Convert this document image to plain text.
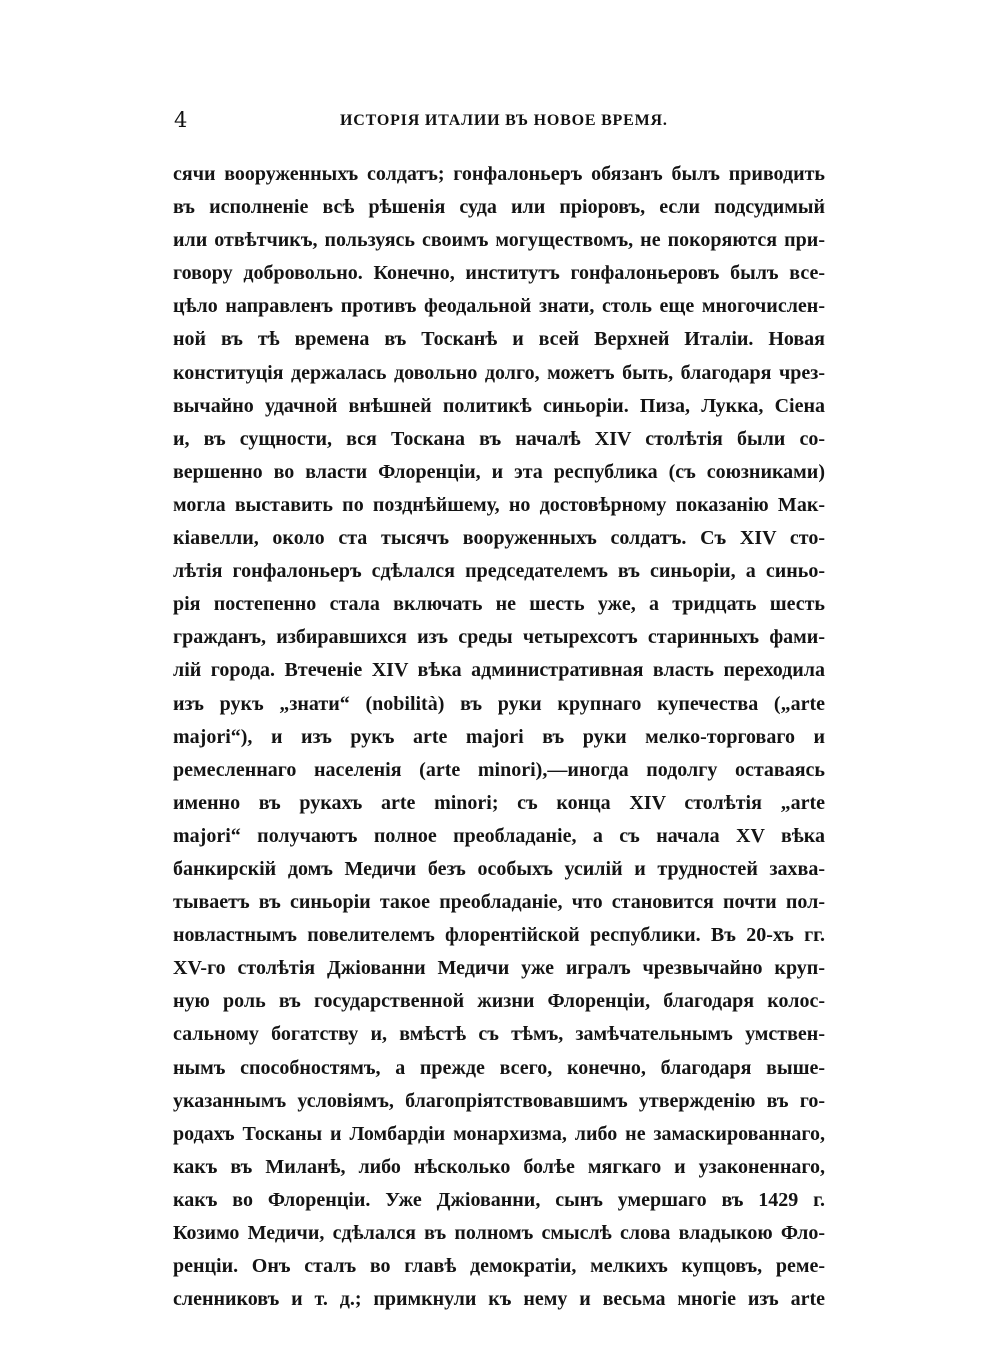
4	ИСТОРІЯ ИТАЛИИ ВЪ НОВОЕ ВРЕМЯ.
сячи вооруженныхъ солдатъ; гонфалоньеръ обязанъ былъ приводить
въ исполненіе всѣ рѣшенія суда или пріоровъ, если подсудимый
или отвѣтчикъ, пользуясь своимъ могуществомъ, не покоряются при-
говору добровольно. Конечно, институтъ гонфалоньеровъ былъ все-
цѣло направленъ противъ феодальной знати, столь еще многочислен-
ной въ тѣ времена въ Тосканѣ и всей Верхней Италіи. Новая
конституція держалась довольно долго, можетъ быть, благодаря чрез-
вычайно удачной внѣшней политикѣ синьоріи. Пиза, Лукка, Сіена
и, въ сущности, вся Тоскана въ началѣ XIV столѣтія были со-
вершенно во власти Флоренціи, и эта республика (съ союзниками)
могла выставить по позднѣйшему, но достовѣрному показанію Мак-
кіавелли, около ста тысячъ вооруженныхъ солдатъ. Съ XIV сто-
лѣтія гонфалоньеръ сдѣлался председателемъ въ синьоріи, а синьо-
рія постепенно стала включать не шесть уже, а тридцать шесть
гражданъ, избиравшихся изъ среды четырехсотъ старинныхъ фами-
лій города. Втеченіе XIV вѣка административная власть переходила
изъ рукъ „знати“ (nobilità) въ руки крупнаго купечества („arte
majori“), и изъ рукъ arte majori въ руки мелко-торговаго и
ремесленнаго населенія (arte minori),—иногда подолгу оставаясь
именно въ рукахъ arte minori; съ конца XIV столѣтія „arte
majori“ получаютъ полное преобладаніе, а съ начала XV вѣка
банкирскій домъ Медичи безъ особыхъ усилій и трудностей захва-
тываетъ въ синьоріи такое преобладаніе, что становится почти пол-
новластнымъ повелителемъ флорентійской республики. Въ 20-хъ гг.
XV-го столѣтія Джіованни Медичи уже игралъ чрезвычайно круп-
ную роль въ государственной жизни Флоренціи, благодаря колос-
сальному богатству и, вмѣстѣ съ тѣмъ, замѣчательнымъ умствен-
нымъ способностямъ, а прежде всего, конечно, благодаря выше-
указаннымъ условіямъ, благопріятствовавшимъ утвержденію въ го-
родахъ Тосканы и Ломбардіи монархизма, либо не замаскированнаго,
какъ въ Миланѣ, либо нѣсколько болѣе мягкаго и узаконеннаго,
какъ во Флоренціи. Уже Джіованни, сынъ умершаго въ 1429 г.
Козимо Медичи, сдѣлался въ полномъ смыслѣ слова владыкою Фло-
ренціи. Онъ сталъ во главѣ демократіи, мелкихъ купцовъ, реме-
сленниковъ и т. д.; примкнули къ нему и весьма многіе изъ arte
